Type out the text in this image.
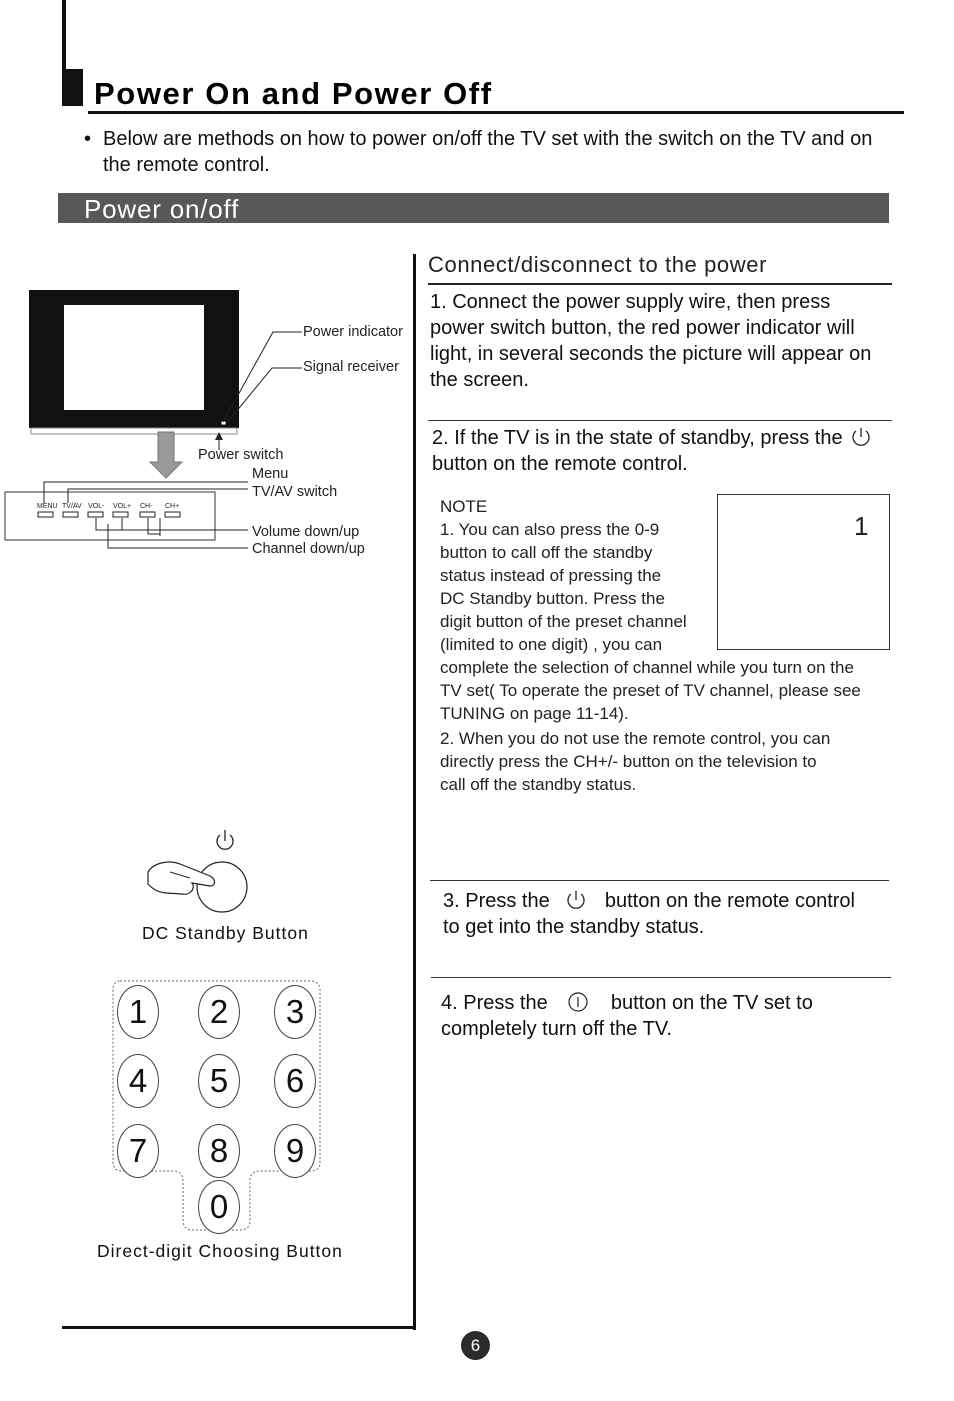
Power On and Power Off
• Below are methods on how to power on/off the TV set with the switch on the TV and on the remote control.
Power on/off
MENU TV/AV VOL- VOL+ CH- CH+
Power indicator
Signal receiver
Power switch
Menu
TV/AV switch
Volume down/up
Channel down/up
DC Standby Button
1	2	3
4	5	6
7	8	9
0
Direct-digit Choosing Button
Connect/disconnect to the power
1. Connect the power supply wire, then press power switch button, the red power indicator will light, in several seconds the picture will appear on the screen.
2. If the TV is in the state of standby, press the
button on the remote control.
NOTE
1. You can also press the 0-9
button to call off the standby
status instead of pressing the
DC Standby button. Press the
digit button of the preset channel
(limited to one digit) , you can
complete the selection of channel while you turn on the
TV set( To operate the preset of TV channel, please see
TUNING on page 11-14).
2. When you do not use the remote control, you can
directly press the CH+/- button on the television to
call off the standby status.
1
3. Press the	button on the remote control
to get into the standby status.
4. Press the	button on the TV set to
completely turn off the TV.
6
